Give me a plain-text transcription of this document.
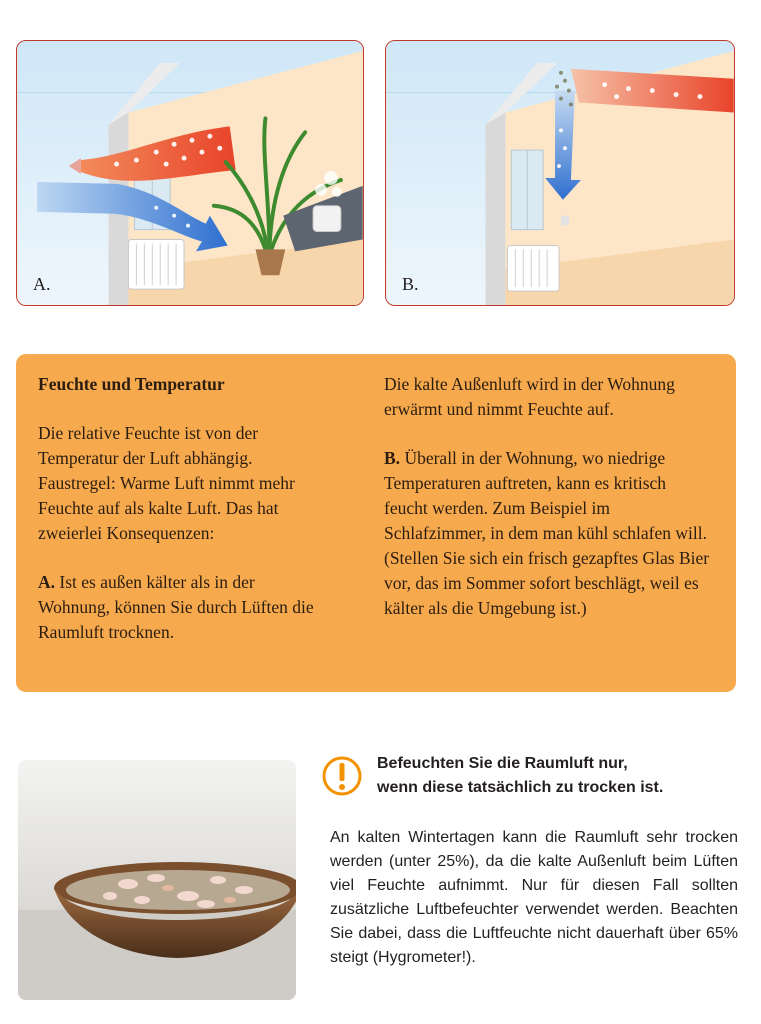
A.	B.
Feuchte und Temperatur
Die relative Feuchte ist von der Temperatur der Luft abhängig. Faustregel: Warme Luft nimmt mehr Feuchte auf als kalte Luft. Das hat zweierlei Konsequenzen:
A. Ist es außen kälter als in der Wohnung, können Sie durch Lüften die Raumluft trocknen.
Die kalte Außenluft wird in der Wohnung erwärmt und nimmt Feuchte auf.
B. Überall in der Wohnung, wo niedrige Temperaturen auftreten, kann es kritisch feucht werden. Zum Beispiel im Schlafzimmer, in dem man kühl schlafen will. (Stellen Sie sich ein frisch gezapftes Glas Bier vor, das im Sommer sofort beschlägt, weil es kälter als die Umgebung ist.)
Befeuchten Sie die Raumluft nur,
wenn diese tatsächlich zu trocken ist.
An kalten Wintertagen kann die Raumluft sehr trocken werden (unter 25%), da die kalte Außenluft beim Lüften viel Feuchte aufnimmt. Nur für diesen Fall sollten zusätzliche Luftbefeuchter verwendet werden. Beachten Sie dabei, dass die Luftfeuchte nicht dauerhaft über 65% steigt (Hygrometer!).
